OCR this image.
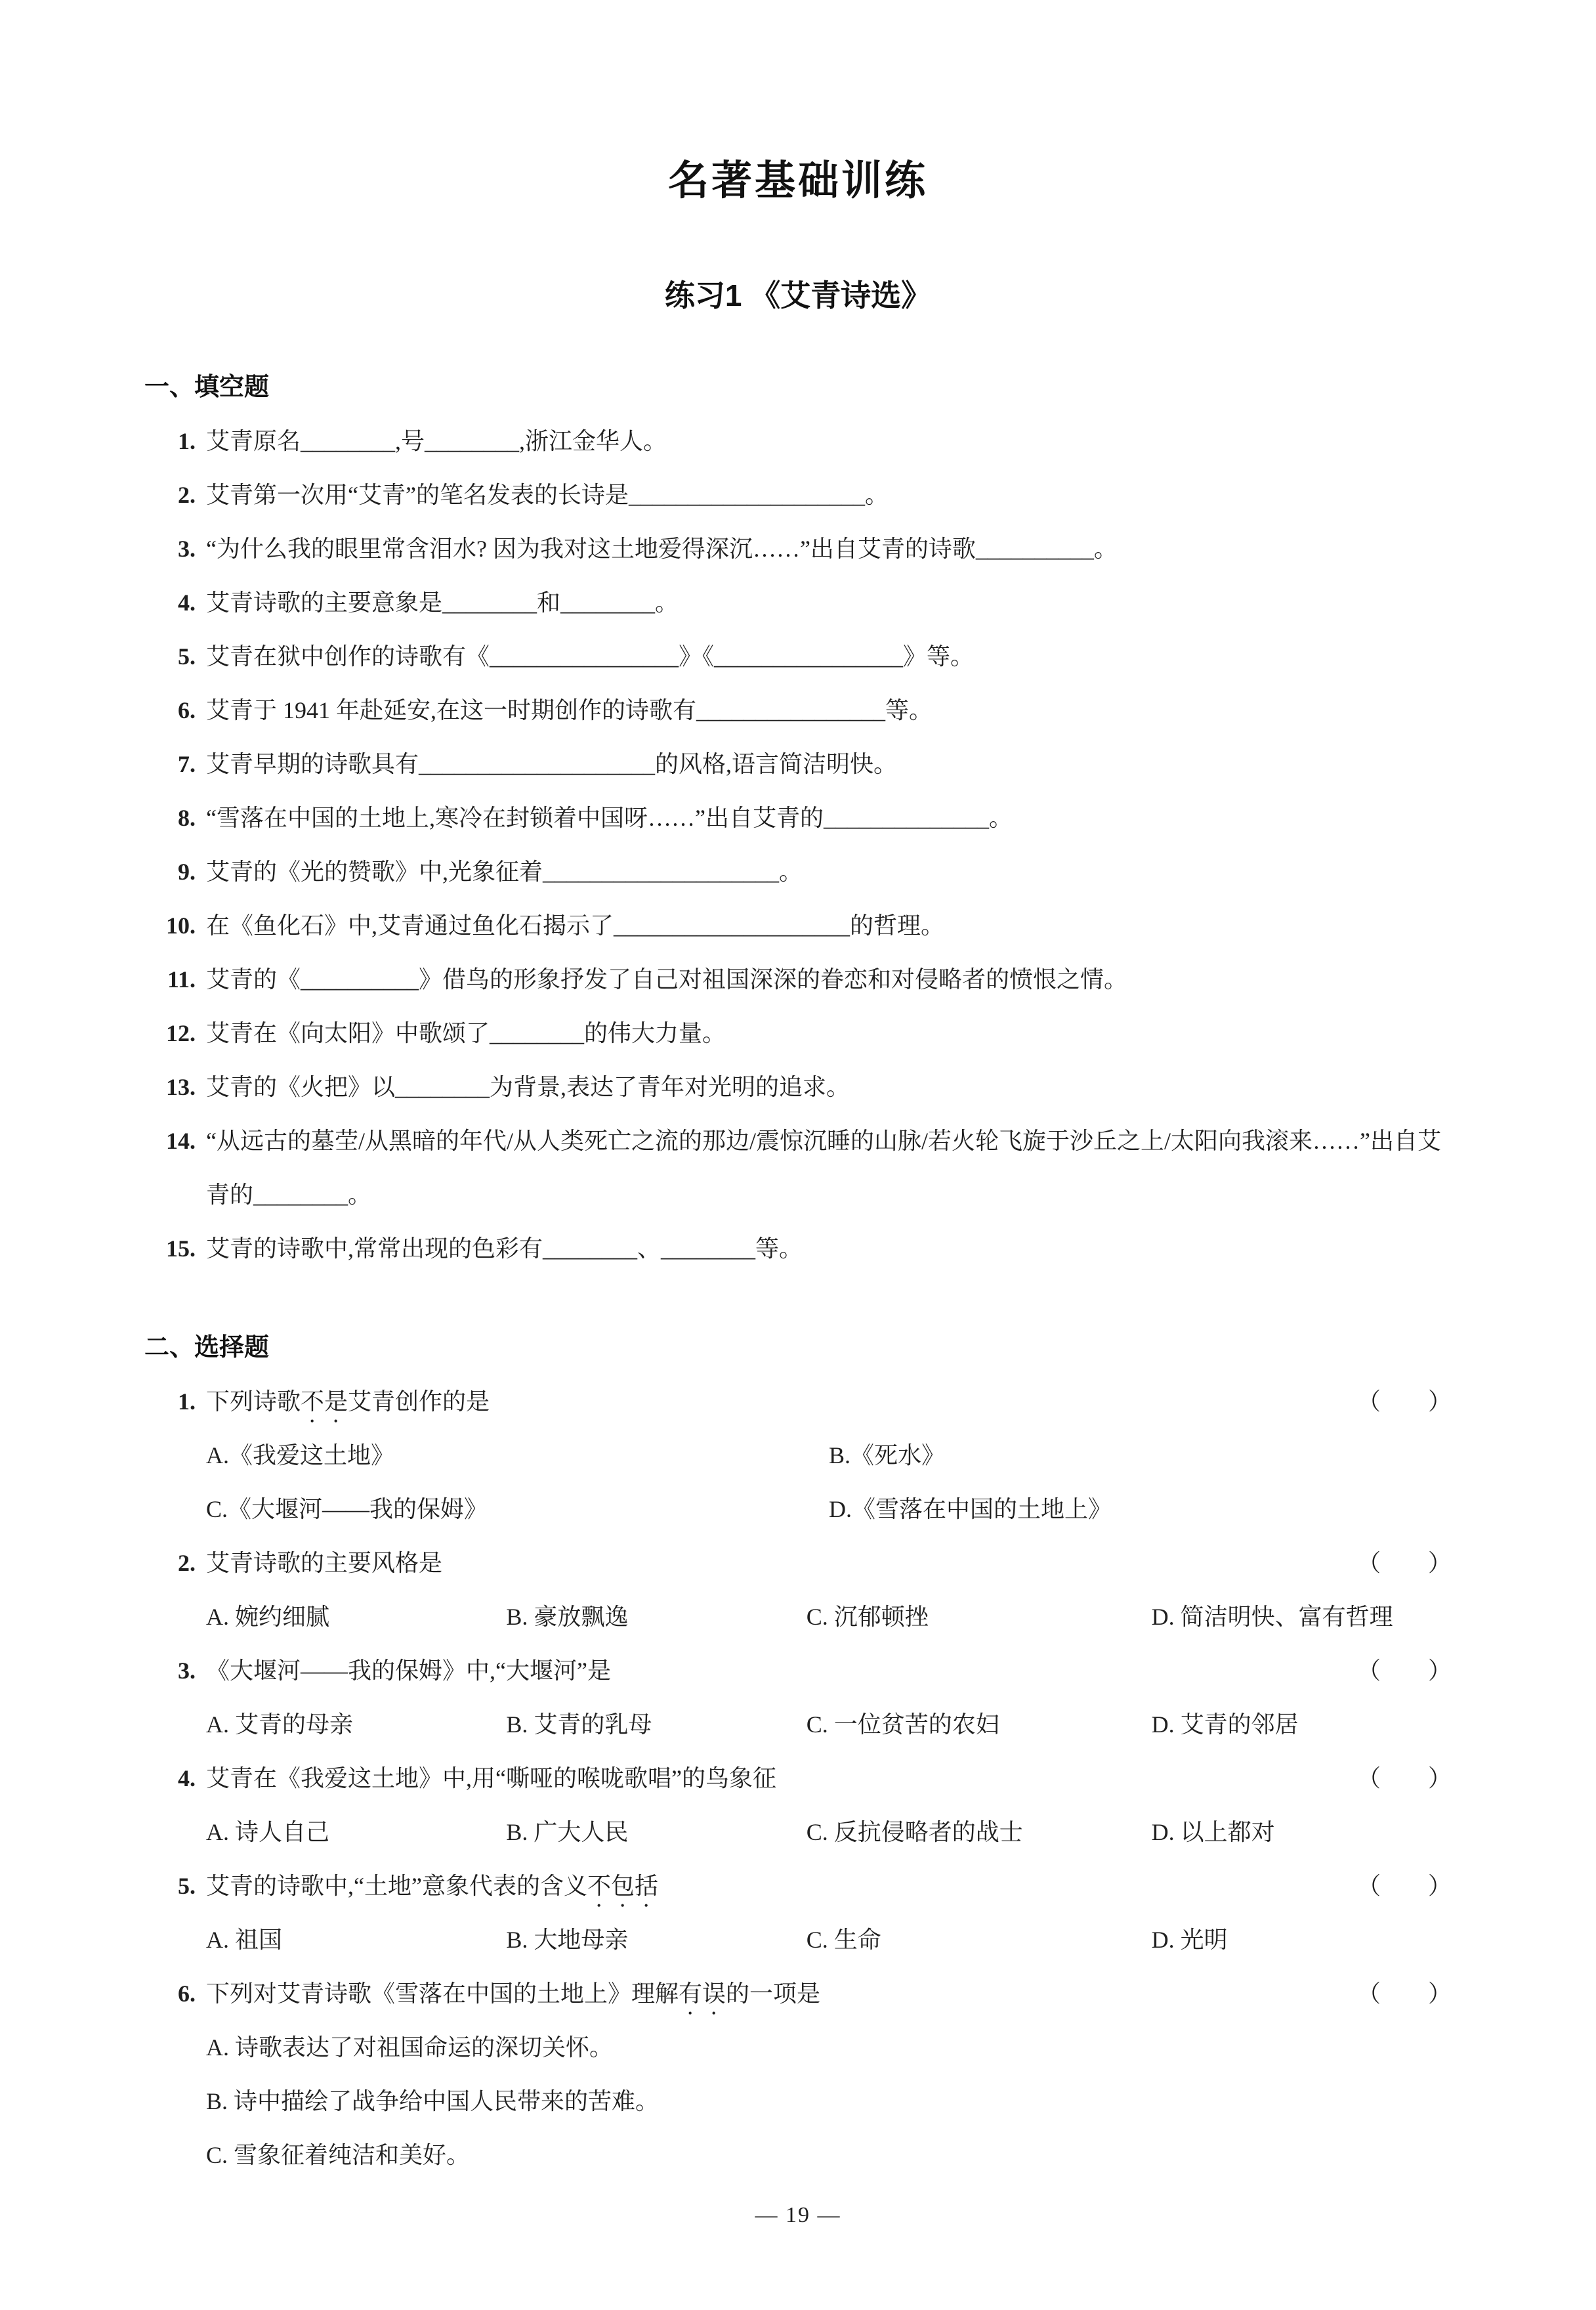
名著基础训练
练习1 《艾青诗选》
一、填空题
1. 艾青原名________,号________,浙江金华人。
2. 艾青第一次用“艾青”的笔名发表的长诗是____________________。
3. “为什么我的眼里常含泪水? 因为我对这土地爱得深沉……”出自艾青的诗歌__________。
4. 艾青诗歌的主要意象是________和________。
5. 艾青在狱中创作的诗歌有《________________》《________________》等。
6. 艾青于 1941 年赴延安,在这一时期创作的诗歌有________________等。
7. 艾青早期的诗歌具有____________________的风格,语言简洁明快。
8. “雪落在中国的土地上,寒冷在封锁着中国呀……”出自艾青的______________。
9. 艾青的《光的赞歌》中,光象征着____________________。
10. 在《鱼化石》中,艾青通过鱼化石揭示了____________________的哲理。
11. 艾青的《__________》借鸟的形象抒发了自己对祖国深深的眷恋和对侵略者的愤恨之情。
12. 艾青在《向太阳》中歌颂了________的伟大力量。
13. 艾青的《火把》以________为背景,表达了青年对光明的追求。
14. “从远古的墓茔/从黑暗的年代/从人类死亡之流的那边/震惊沉睡的山脉/若火轮飞旋于沙丘之上/太阳向我滚来……”出自艾青的________。
15. 艾青的诗歌中,常常出现的色彩有________、________等。
二、选择题
1. 下列诗歌不是艾青创作的是	（　　）
A.《我爱这土地》	B.《死水》
C.《大堰河——我的保姆》	D.《雪落在中国的土地上》
2. 艾青诗歌的主要风格是	（　　）
A. 婉约细腻	B. 豪放飘逸	C. 沉郁顿挫	D. 简洁明快、富有哲理
3. 《大堰河——我的保姆》中,“大堰河”是	（　　）
A. 艾青的母亲	B. 艾青的乳母	C. 一位贫苦的农妇	D. 艾青的邻居
4. 艾青在《我爱这土地》中,用“嘶哑的喉咙歌唱”的鸟象征	（　　）
A. 诗人自己	B. 广大人民	C. 反抗侵略者的战士	D. 以上都对
5. 艾青的诗歌中,“土地”意象代表的含义不包括	（　　）
A. 祖国	B. 大地母亲	C. 生命	D. 光明
6. 下列对艾青诗歌《雪落在中国的土地上》理解有误的一项是	（　　）
A. 诗歌表达了对祖国命运的深切关怀。
B. 诗中描绘了战争给中国人民带来的苦难。
C. 雪象征着纯洁和美好。
— 19 —
